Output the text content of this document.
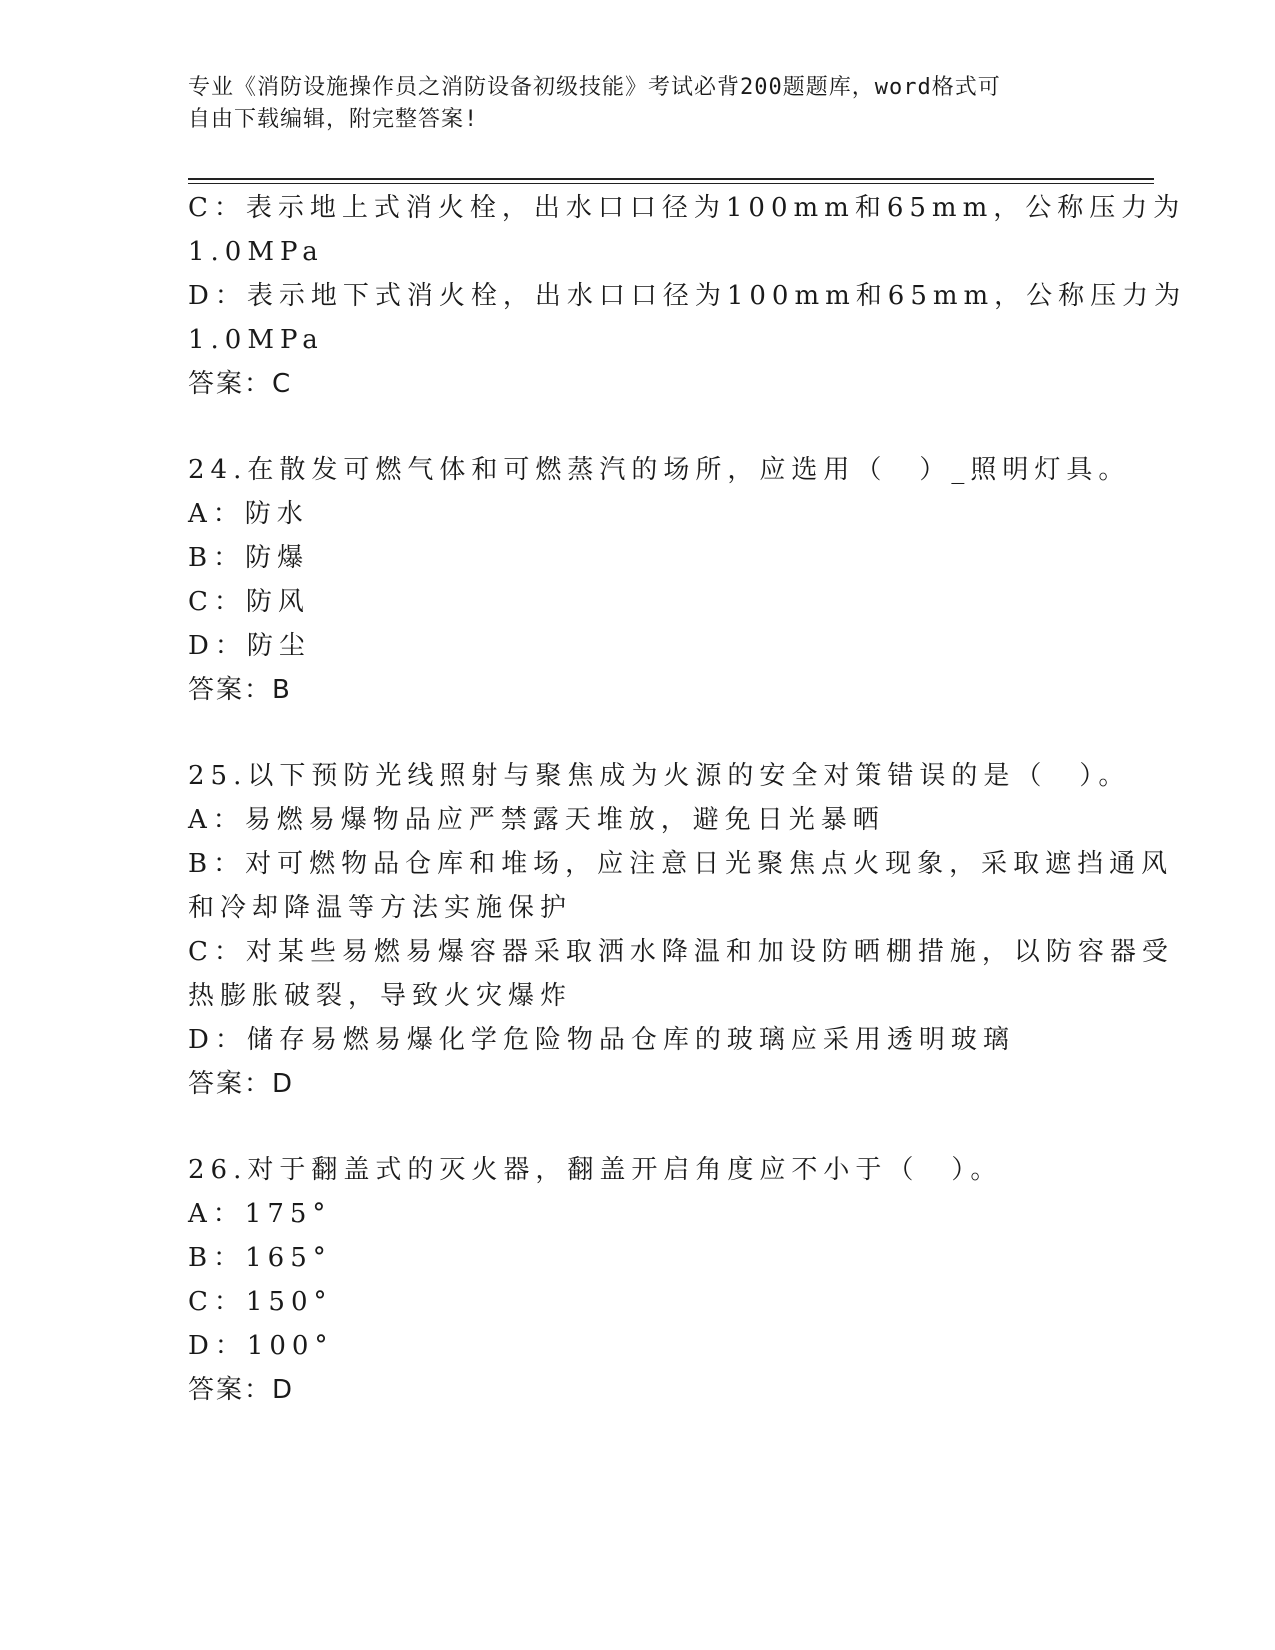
专业《消防设施操作员之消防设备初级技能》考试必背200题题库，word格式可
自由下载编辑，附完整答案!
C：表示地上式消火栓，出水口口径为100mm和65mm，公称压力为
1.0MPa
D：表示地下式消火栓，出水口口径为100mm和65mm，公称压力为
1.0MPa
答案：C
24.在散发可燃气体和可燃蒸汽的场所，应选用（　）_照明灯具。
A：防水
B：防爆
C：防风
D：防尘
答案：B
25.以下预防光线照射与聚焦成为火源的安全对策错误的是（　）。
A：易燃易爆物品应严禁露天堆放，避免日光暴晒
B：对可燃物品仓库和堆场，应注意日光聚焦点火现象，采取遮挡通风
和冷却降温等方法实施保护
C：对某些易燃易爆容器采取洒水降温和加设防晒棚措施，以防容器受
热膨胀破裂，导致火灾爆炸
D：储存易燃易爆化学危险物品仓库的玻璃应采用透明玻璃
答案：D
26.对于翻盖式的灭火器，翻盖开启角度应不小于（　）。
A：175°
B：165°
C：150°
D：100°
答案：D
